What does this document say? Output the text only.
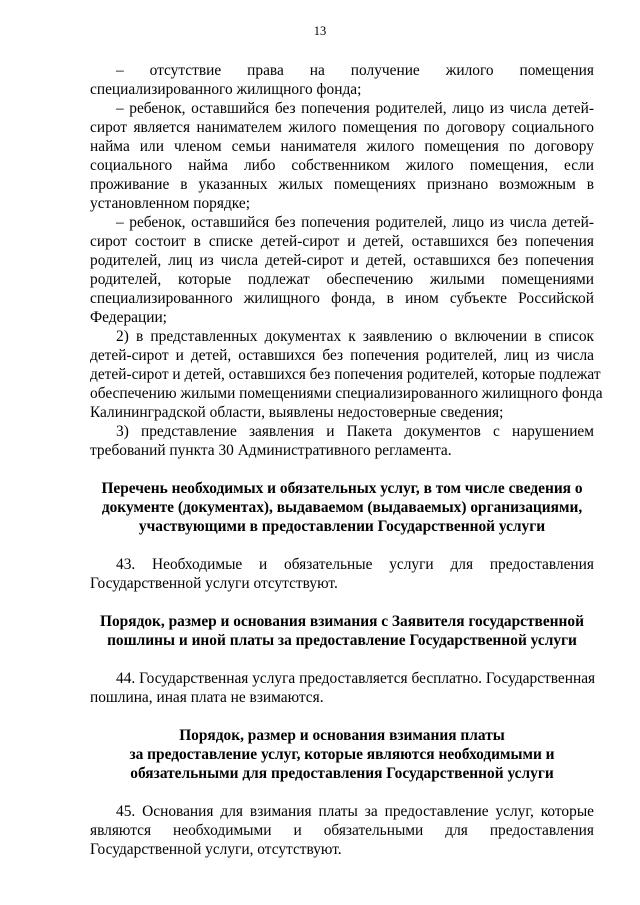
13
– отсутствие права на получение жилого помещения
специализированного жилищного фонда;
– ребенок, оставшийся без попечения родителей, лицо из числа детей-
сирот является нанимателем жилого помещения по договору социального
найма или членом семьи нанимателя жилого помещения по договору
социального найма либо собственником жилого помещения, если
проживание в указанных жилых помещениях признано возможным в
установленном порядке;
– ребенок, оставшийся без попечения родителей, лицо из числа детей-
сирот состоит в списке детей-сирот и детей, оставшихся без попечения
родителей, лиц из числа детей-сирот и детей, оставшихся без попечения
родителей, которые подлежат обеспечению жилыми помещениями
специализированного жилищного фонда, в ином субъекте Российской
Федерации;
2) в представленных документах к заявлению о включении в список
детей-сирот и детей, оставшихся без попечения родителей, лиц из числа
детей-сирот и детей, оставшихся без попечения родителей, которые подлежат
обеспечению жилыми помещениями специализированного жилищного фонда
Калининградской области, выявлены недостоверные сведения;
3) представление заявления и Пакета документов с нарушением
требований пункта 30 Административного регламента.
Перечень необходимых и обязательных услуг, в том числе сведения о
документе (документах), выдаваемом (выдаваемых) организациями,
участвующими в предоставлении Государственной услуги
43. Необходимые и обязательные услуги для предоставления
Государственной услуги отсутствуют.
Порядок, размер и основания взимания с Заявителя государственной
пошлины и иной платы за предоставление Государственной услуги
44. Государственная услуга предоставляется бесплатно. Государственная
пошлина, иная плата не взимаются.
Порядок, размер и основания взимания платы
за предоставление услуг, которые являются необходимыми и
обязательными для предоставления Государственной услуги
45. Основания для взимания платы за предоставление услуг, которые
являются необходимыми и обязательными для предоставления
Государственной услуги, отсутствуют.
